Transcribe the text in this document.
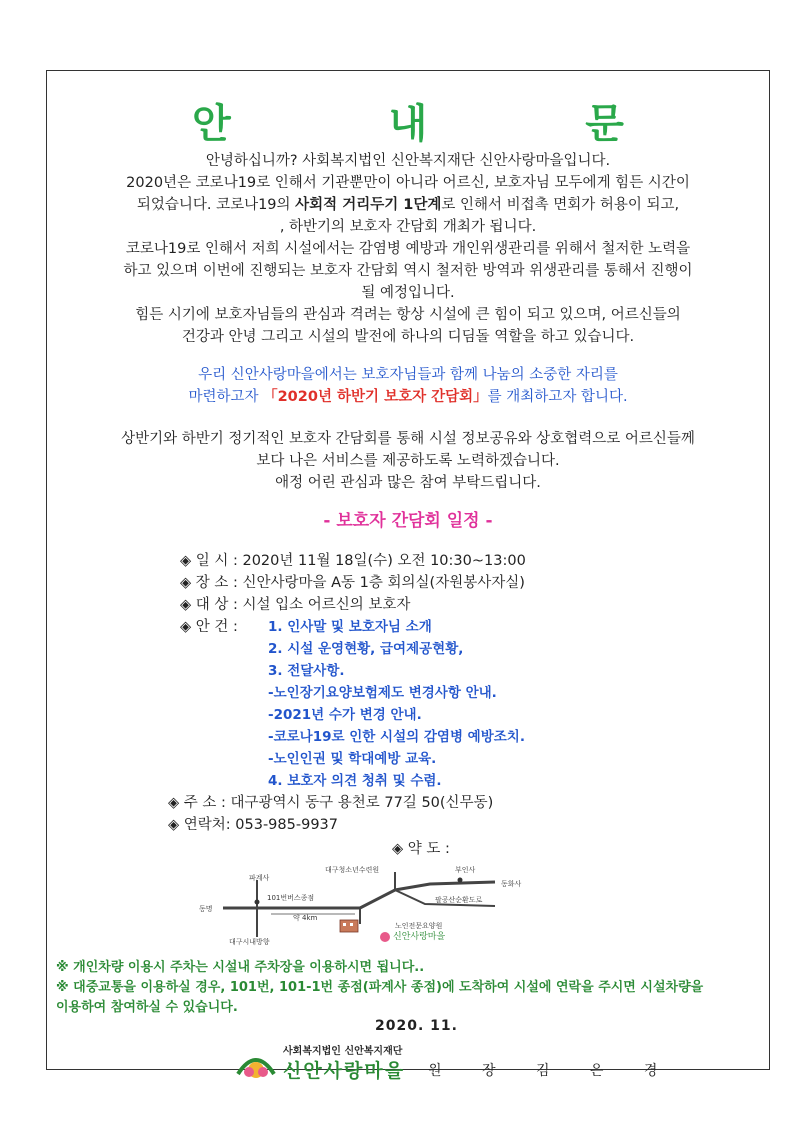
안 내 문
안녕하십니까? 사회복지법인 신안복지재단 신안사랑마을입니다.
2020년은 코로나19로 인해서 기관뿐만이 아니라 어르신, 보호자님 모두에게 힘든 시간이
되었습니다. 코로나19의 사회적 거리두기 1단계로 인해서 비접촉 면회가 허용이 되고,
, 하반기의 보호자 간담회 개최가 됩니다.
코로나19로 인해서 저희 시설에서는 감염병 예방과 개인위생관리를 위해서 철저한 노력을
하고 있으며 이번에 진행되는 보호자 간담회 역시 철저한 방역과 위생관리를 통해서 진행이
될 예정입니다.
힘든 시기에 보호자님들의 관심과 격려는 항상 시설에 큰 힘이 되고 있으며, 어르신들의
건강과 안녕 그리고 시설의 발전에 하나의 디딤돌 역할을 하고 있습니다.
우리 신안사랑마을에서는 보호자님들과 함께 나눔의 소중한 자리를
마련하고자 「2020년 하반기 보호자 간담회」를 개최하고자 합니다.
상반기와 하반기 정기적인 보호자 간담회를 통해 시설 정보공유와 상호협력으로 어르신들께
보다 나은 서비스를 제공하도록 노력하겠습니다.
애정 어린 관심과 많은 참여 부탁드립니다.
- 보호자 간담회 일정 -
◈ 일 시 : 2020년 11월 18일(수) 오전 10:30~13:00
◈ 장 소 : 신안사랑마을 A동 1층 회의실(자원봉사자실)
◈ 대 상 : 시설 입소 어르신의 보호자
◈ 안 건 : 1. 인사말 및 보호자님 소개
2. 시설 운영현황, 급여제공현황,
3. 전달사항.
-노인장기요양보험제도 변경사항 안내.
-2021년 수가 변경 안내.
-코로나19로 인한 시설의 감염병 예방조치.
-노인인권 및 학대예방 교육.
4. 보호자 의견 청취 및 수렴.
◈ 주 소 : 대구광역시 동구 용천로 77길 50(신무동)
◈ 연락처: 053-985-9937
◈ 약 도 :
파계사
대구청소년수련원	부인사
동화사
101번버스종점
동명
약 4km
팔공산순환도로
대구시내방향
노인전문요양원
신안사랑마을
※ 개인차량 이용시 주차는 시설내 주차장을 이용하시면 됩니다..
※ 대중교통을 이용하실 경우, 101번, 101-1번 종점(파계사 종점)에 도착하여 시설에 연락을 주시면 시설차량을
이용하여 참여하실 수 있습니다.
2020. 11.
사회복지법인 신안복지재단
신안사랑마을 원 장 김 은 경
